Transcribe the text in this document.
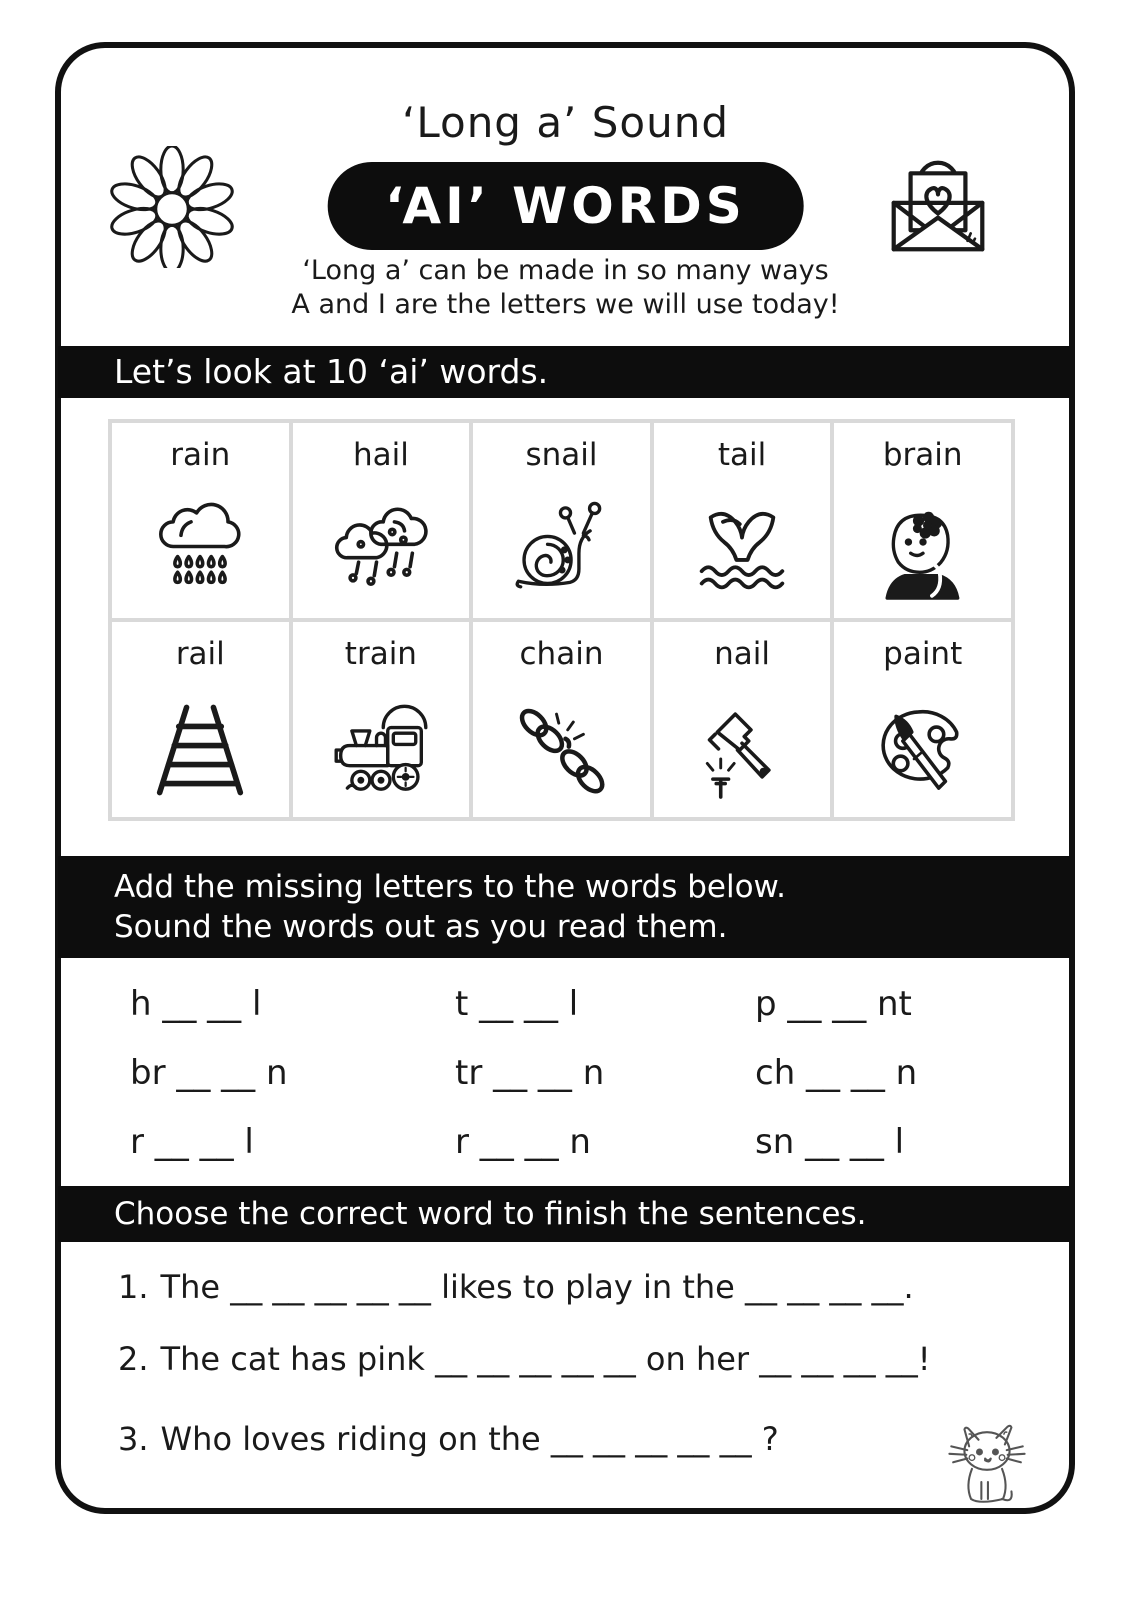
‘Long a’ Sound
‘AI’ WORDS
‘Long a’ can be made in so many ways
A and I are the letters we will use today!
Let’s look at 10 ‘ai’ words.
rain	hail	snail	tail	brain
rail	train	chain	nail	paint
Add the missing letters to the words below.
Sound the words out as you read them.
h __ __ l	t __ __ l	p __ __ nt
br __ __ n	tr __ __ n	ch __ __ n
r __ __ l	r __ __ n	sn __ __ l
Choose the correct word to finish the sentences.
1. The __ __ __ __ __ likes to play in the __ __ __ __.
2. The cat has pink __ __ __ __ __ on her __ __ __ __!
3. Who loves riding on the __ __ __ __ __ ?
